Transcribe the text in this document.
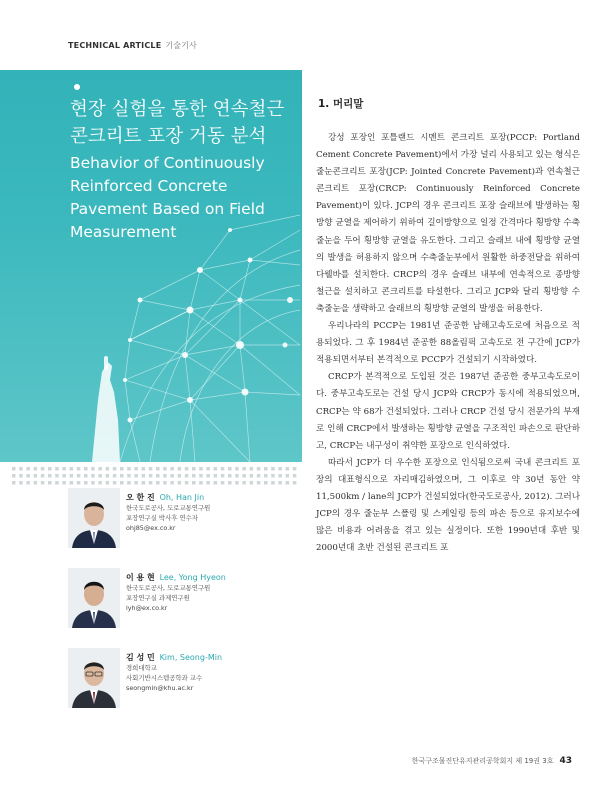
TECHNICAL ARTICLE 기술기사
현장 실험을 통한 연속철근
콘크리트 포장 거동 분석
Behavior of Continuously
Reinforced Concrete
Pavement Based on Field
Measurement
오 한 진 Oh, Han Jin
한국도로공사, 도로교통연구원
포장연구실 박사후 연수자
ohj85@ex.co.kr
이 용 현 Lee, Yong Hyeon
한국도로공사, 도로교통연구원
포장연구실 과제연구원
lyh@ex.co.kr
김 성 민 Kim, Seong-Min
경희대학교
사회기반시스템공학과 교수
seongmin@khu.ac.kr
1. 머리말

강성 포장인 포틀랜드 시멘트 콘크리트 포장(PCCP: Portland Cement Concrete Pavement)에서 가장 널리 사용되고 있는 형식은 줄눈콘크리트 포장(JCP: Jointed Concrete Pavement)과 연속철근 콘크리트 포장(CRCP: Continuously Reinforced Concrete Pavement)이 있다. JCP의 경우 콘크리트 포장 슬래브에 발생하는 횡방향 균열을 제어하기 위하여 길이방향으로 일정 간격마다 횡방향 수축줄눈을 두어 횡방향 균열을 유도한다. 그리고 슬래브 내에 횡방향 균열의 발생을 허용하지 않으며 수축줄눈부에서 원활한 하중전달을 위하여 다웰바를 설치한다. CRCP의 경우 슬래브 내부에 연속적으로 종방향 철근을 설치하고 콘크리트를 타설한다. 그리고 JCP와 달리 횡방향 수축줄눈을 생략하고 슬래브의 횡방향 균열의 발생을 허용한다.

우리나라의 PCCP는 1981년 준공한 남해고속도로에 처음으로 적용되었다. 그 후 1984년 준공한 88올림픽 고속도로 전 구간에 JCP가 적용되면서부터 본격적으로 PCCP가 건설되기 시작하였다.

CRCP가 본격적으로 도입된 것은 1987년 준공한 중부고속도로이다. 중부고속도로는 건설 당시 JCP와 CRCP가 동시에 적용되었으며, CRCP는 약 68가 건설되었다. 그러나 CRCP 건설 당시 전문가의 부재로 인해 CRCP에서 발생하는 횡방향 균열을 구조적인 파손으로 판단하고, CRCP는 내구성이 취약한 포장으로 인식하였다.

따라서 JCP가 더 우수한 포장으로 인식됨으로써 국내 콘크리트 포장의 대표형식으로 자리매김하였으며, 그 이후로 약 30년 동안 약 11,500km / lane의 JCP가 건설되었다(한국도로공사, 2012). 그러나 JCP의 경우 줄눈부 스폴링 및 스케일링 등의 파손 등으로 유지보수에 많은 비용과 어려움을 겪고 있는 실정이다. 또한 1990년대 후반 및 2000년대 초반 건설된 콘크리트 포

한국구조물진단유지관리공학회지 제 19권 3호 43
